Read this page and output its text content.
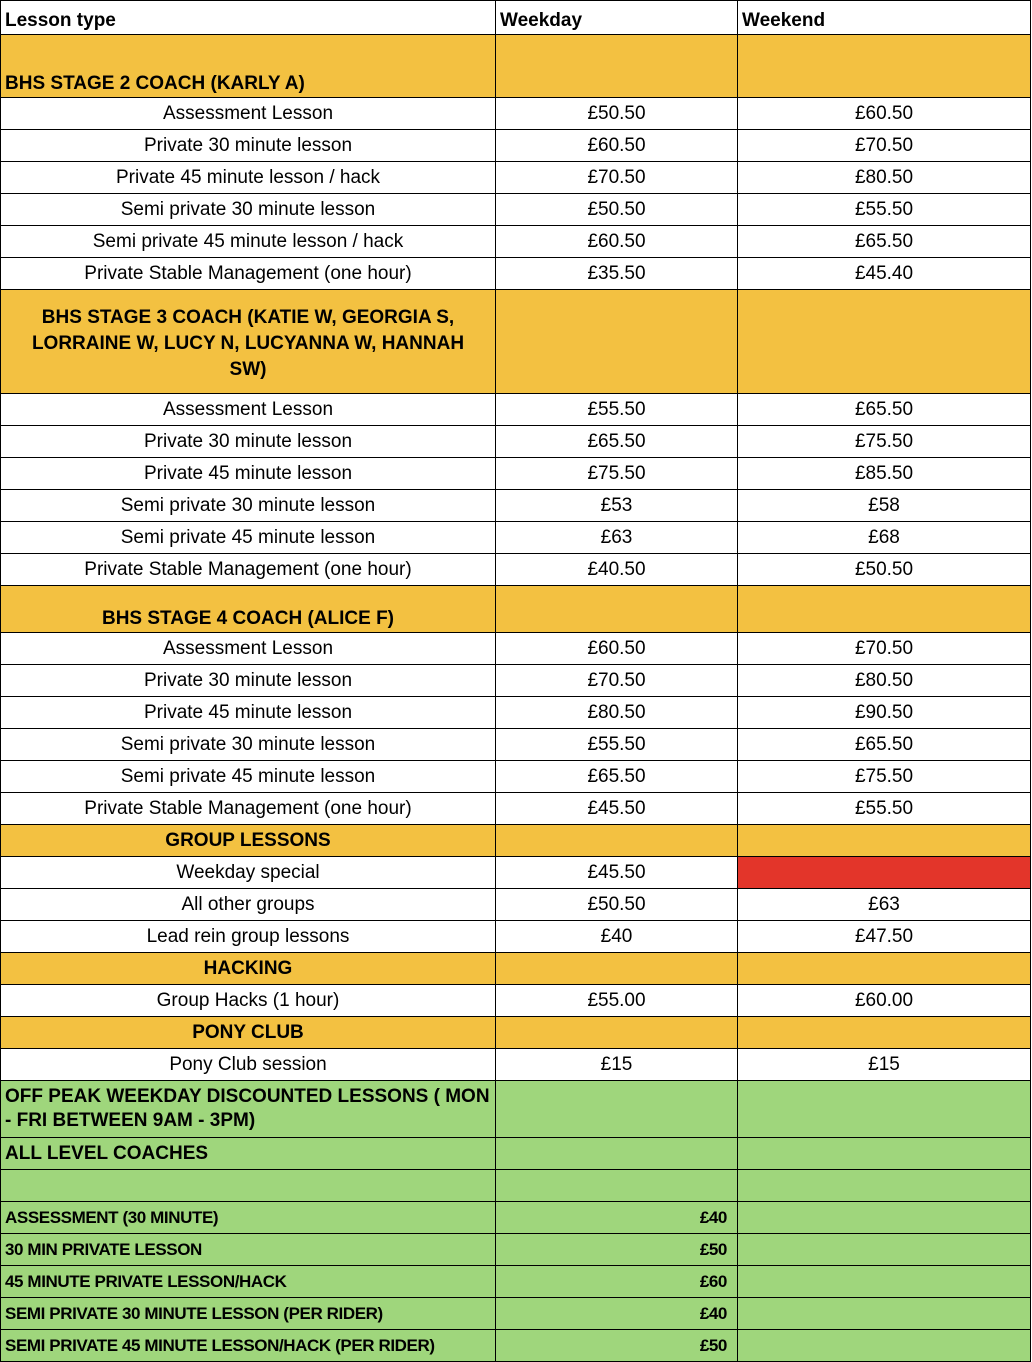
Lesson type	Weekday	Weekend
BHS STAGE 2 COACH (KARLY A)		
Assessment Lesson	£50.50	£60.50
Private 30 minute lesson	£60.50	£70.50
Private 45 minute lesson / hack	£70.50	£80.50
Semi private 30 minute lesson	£50.50	£55.50
Semi private 45 minute lesson / hack	£60.50	£65.50
Private Stable Management (one hour)	£35.50	£45.40
BHS STAGE 3 COACH (KATIE W, GEORGIA S, LORRAINE W, LUCY N, LUCYANNA W, HANNAH SW)		
Assessment Lesson	£55.50	£65.50
Private 30 minute lesson	£65.50	£75.50
Private 45 minute lesson	£75.50	£85.50
Semi private 30 minute lesson	£53	£58
Semi private 45 minute lesson	£63	£68
Private Stable Management (one hour)	£40.50	£50.50
BHS STAGE 4 COACH (ALICE F)		
Assessment Lesson	£60.50	£70.50
Private 30 minute lesson	£70.50	£80.50
Private 45 minute lesson	£80.50	£90.50
Semi private 30 minute lesson	£55.50	£65.50
Semi private 45 minute lesson	£65.50	£75.50
Private Stable Management (one hour)	£45.50	£55.50
GROUP LESSONS		
Weekday special	£45.50	
All other groups	£50.50	£63
Lead rein group lessons	£40	£47.50
HACKING		
Group Hacks (1 hour)	£55.00	£60.00
PONY CLUB		
Pony Club session	£15	£15
OFF PEAK WEEKDAY DISCOUNTED LESSONS ( MON - FRI BETWEEN 9AM - 3PM)		
ALL LEVEL COACHES		

ASSESSMENT (30 MINUTE)	£40	
30 MIN PRIVATE LESSON	£50	
45 MINUTE PRIVATE LESSON/HACK	£60	
SEMI PRIVATE 30 MINUTE LESSON (PER RIDER)	£40	
SEMI PRIVATE 45 MINUTE LESSON/HACK (PER RIDER)	£50	
